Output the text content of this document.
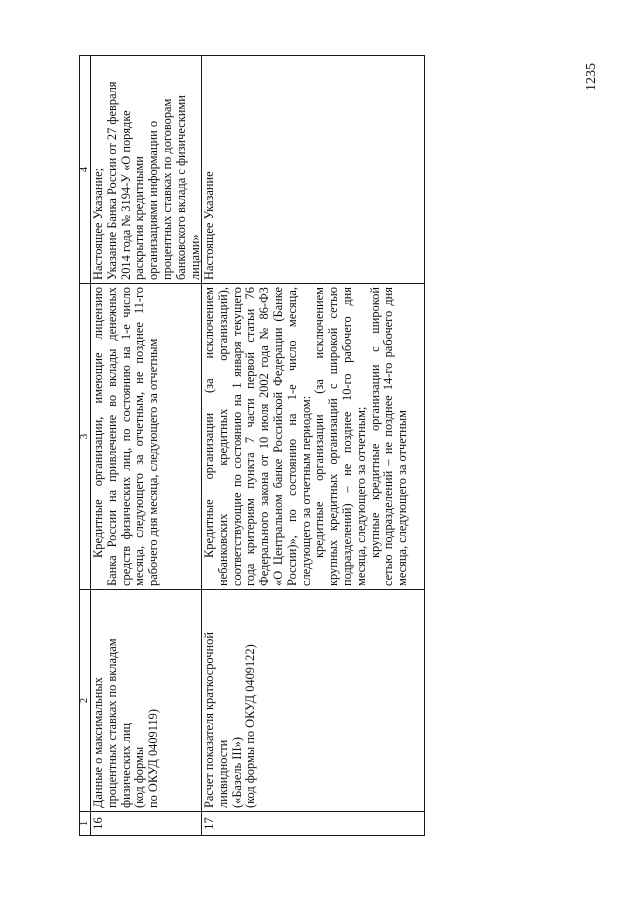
1235
1
2
3
4
16
Данные о максимальных процентных ставках по вкладам физических лиц (код формы по ОКУД 0409119)
Кредитные организации, имеющие лицензию Банка России на привлечение во вклады денежных средств физических лиц, по состоянию на 1-е число месяца, следующего за отчетным, не позднее 11-го рабочего дня месяца, следующего за отчетным
Настоящее Указание; Указание Банка России от 27 февраля 2014 года № 3194-У «О порядке раскрытия кредитными организациями информации о процентных ставках по договорам банковского вклада с физическими лицами»
17
Расчет показателя краткосрочной ликвидности («Базель III») (код формы по ОКУД 0409122)
Кредитные организации (за исключением небанковских кредитных организаций), соответствующие по состоянию на 1 января текущего года критериям пункта 7 части первой статьи 76 Федерального закона от 10 июля 2002 года № 86-ФЗ «О Центральном банке Российской Федерации (Банке России)», по состоянию на 1-е число месяца, следующего за отчетным периодом: кредитные организации (за исключением крупных кредитных организаций с широкой сетью подразделений) – не позднее 10-го рабочего дня месяца, следующего за отчетным; крупные кредитные организации с широкой сетью подразделений – не позднее 14-го рабочего дня месяца, следующего за отчетным
Настоящее Указание
